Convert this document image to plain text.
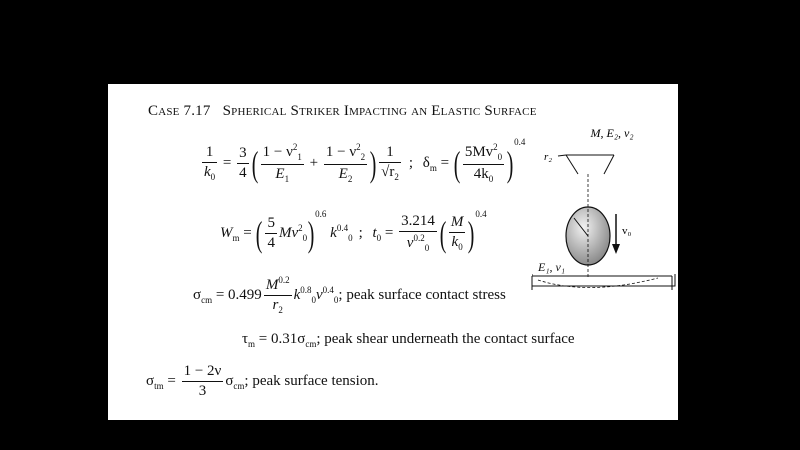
Case 7.17 Spherical Striker Impacting an Elastic Surface
$\frac{1}{k_0} = \frac{3}{4}$ ( $\frac{1 - \nu^2_1}{E_1} + \frac{1 - \nu^2_2}{E_2}$ ) $\frac{1}{√r_2}$ ; $\delta_m$ = ( $\frac{5Mv^2_0}{4k_0} )^{0.4}$
$W_m$ = ( $\frac{5}{4} Mv^2_0)^{0.6}$ $k^{0.4}_0$ ; $t_0 = \frac{3.214}{v^{0.2}_0}$ ( $\frac{M}{k_0} )^{0.4}$
$\sigma_{cm} = 0.499 \frac{M^{0.2}}{r_2} k^{0.8}_0v^{0.4}_0$; peak surface contact stress
$\tau_m = 0.31\sigma_{cm}$; peak shear underneath the contact surface
$\sigma_{tm} = \frac{1 - 2\nu}{3} \sigma_{cm}$; peak surface tension.
M, E₂, ν₂
r₂
v₀
E₁, ν₁
